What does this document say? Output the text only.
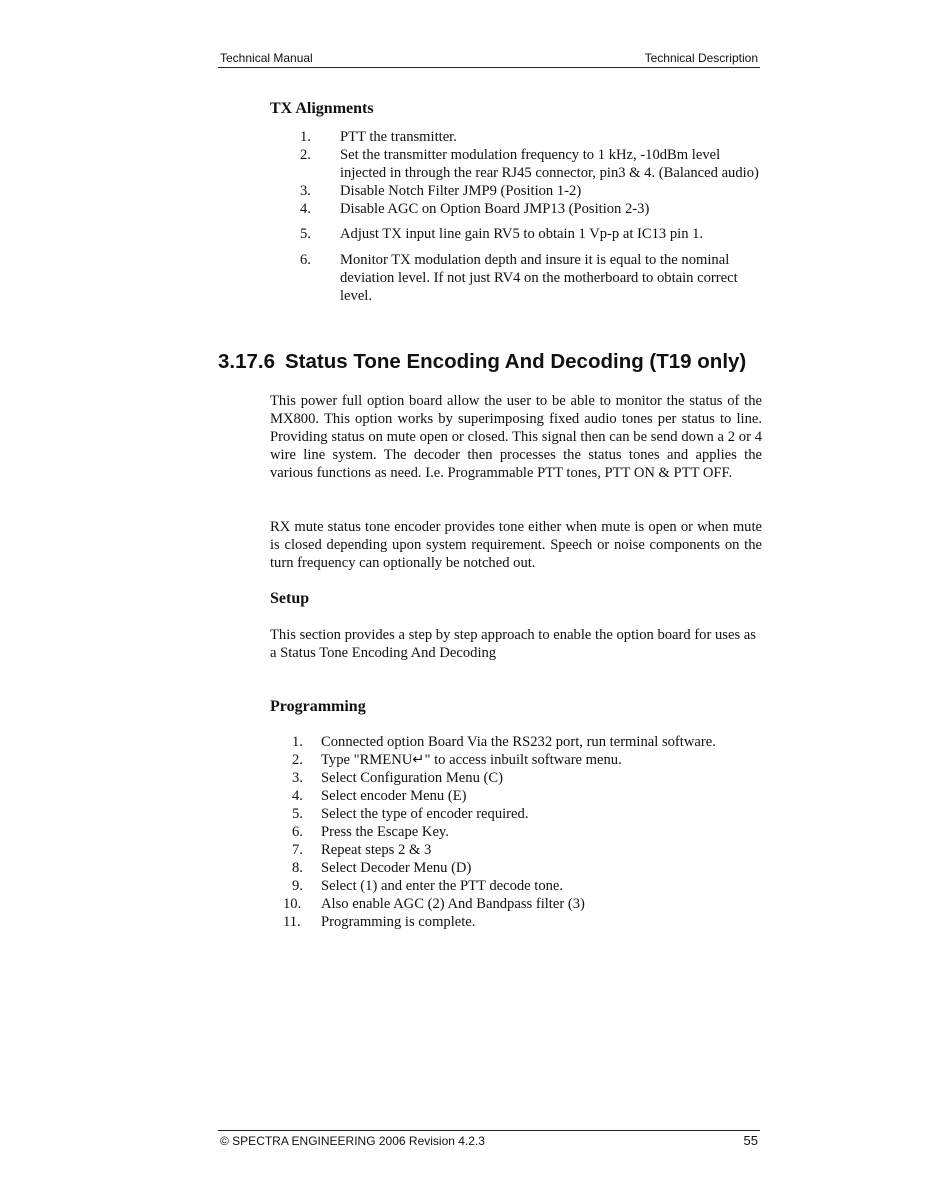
Technical Manual	Technical Description
TX Alignments
1. PTT the transmitter.
2. Set the transmitter modulation frequency to 1 kHz, -10dBm level injected in through the rear RJ45 connector, pin3 & 4. (Balanced audio)
3. Disable Notch Filter JMP9 (Position 1-2)
4. Disable AGC on Option Board JMP13 (Position 2-3)
5. Adjust TX input line gain RV5 to obtain 1 Vp-p at IC13 pin 1.
6. Monitor TX modulation depth and insure it is equal to the nominal deviation level. If not just RV4 on the motherboard to obtain correct level.
3.17.6 Status Tone Encoding And Decoding (T19 only)

This power full option board allow the user to be able to monitor the status of the MX800. This option works by superimposing fixed audio tones per status to line. Providing status on mute open or closed. This signal then can be send down a 2 or 4 wire line system. The decoder then processes the status tones and applies the various functions as need. I.e. Programmable PTT tones, PTT ON & PTT OFF.

RX mute status tone encoder provides tone either when mute is open or when mute is closed depending upon system requirement. Speech or noise components on the turn frequency can optionally be notched out.

Setup

This section provides a step by step approach to enable the option board for uses as a Status Tone Encoding And Decoding

Programming
1.	Connected option Board Via the RS232 port, run terminal software.
2.	Type "RMENU↵" to access inbuilt software menu.
3.	Select Configuration Menu (C)
4.	Select encoder Menu (E)
5.	Select the type of encoder required.
6.	Press the Escape Key.
7.	Repeat steps 2 & 3
8.	Select Decoder Menu (D)
9.	Select (1) and enter the PTT decode tone.
10.	Also enable AGC (2) And Bandpass filter (3)
11.	Programming is complete.
© SPECTRA ENGINEERING 2006 Revision 4.2.3	55
